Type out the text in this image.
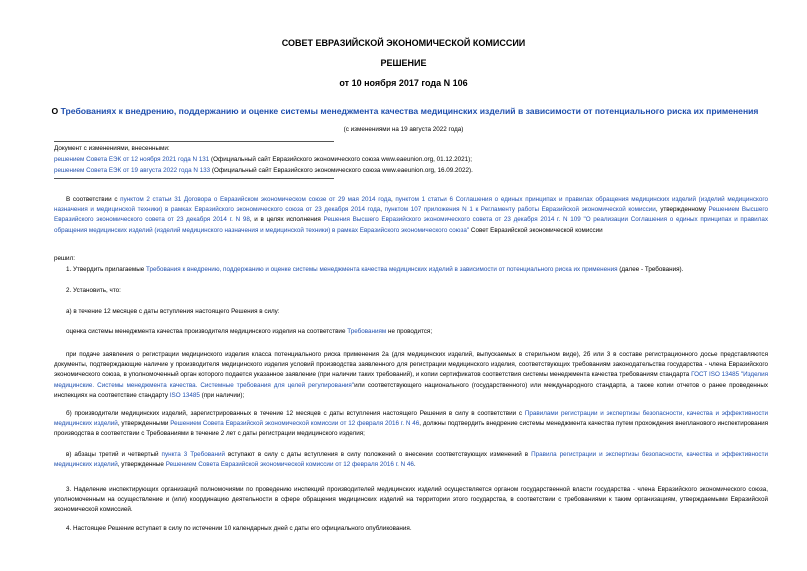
СОВЕТ ЕВРАЗИЙСКОЙ ЭКОНОМИЧЕСКОЙ КОМИССИИ
РЕШЕНИЕ
от 10 ноября 2017 года N 106
О Требованиях к внедрению, поддержанию и оценке системы менеджмента качества медицинских изделий в зависимости от потенциального риска их применения
(с изменениями на 19 августа 2022 года)
Документ с изменениями, внесенными:
решением Совета ЕЭК от 12 ноября 2021 года N 131 (Официальный сайт Евразийского экономического союза www.eaeunion.org, 01.12.2021);
решением Совета ЕЭК от 19 августа 2022 года N 133 (Официальный сайт Евразийского экономического союза www.eaeunion.org, 16.09.2022).
В соответствии с пунктом 2 статьи 31 Договора о Евразийском экономическом союзе от 29 мая 2014 года, пунктом 1 статьи 6 Соглашения о единых принципах и правилах обращения медицинских изделий (изделий медицинского назначения и медицинской техники) в рамках Евразийского экономического союза от 23 декабря 2014 года, пунктом 107 приложения N 1 к Регламенту работы Евразийской экономической комиссии, утвержденному Решением Высшего Евразийского экономического совета от 23 декабря 2014 г. N 98, и в целях исполнения Решения Высшего Евразийского экономического совета от 23 декабря 2014 г. N 109 "О реализации Соглашения о единых принципах и правилах обращения медицинских изделий (изделий медицинского назначения и медицинской техники) в рамках Евразийского экономического союза" Совет Евразийской экономической комиссии
решил:
1. Утвердить прилагаемые Требования к внедрению, поддержанию и оценке системы менеджмента качества медицинских изделий в зависимости от потенциального риска их применения (далее - Требования).
2. Установить, что:
а) в течение 12 месяцев с даты вступления настоящего Решения в силу:
оценка системы менеджмента качества производителя медицинского изделия на соответствие Требованиям не проводится;
при подаче заявления о регистрации медицинского изделия класса потенциального риска применения 2а (для медицинских изделий, выпускаемых в стерильном виде), 2б или 3 в составе регистрационного досье представляются документы, подтверждающие наличие у производителя медицинского изделия условий производства заявленного для регистрации медицинского изделия, соответствующих требованиям законодательства государства - члена Евразийского экономического союза, в уполномоченный орган которого подается указанное заявление (при наличии таких требований), и копии сертификатов соответствия системы менеджмента качества требованиям стандарта ГОСТ ISO 13485 "Изделия медицинские. Системы менеджмента качества. Системные требования для целей регулирования"или соответствующего национального (государственного) или международного стандарта, а также копии отчетов о ранее проведенных инспекциях на соответствие стандарту ISO 13485 (при наличии);
б) производители медицинских изделий, зарегистрированных в течение 12 месяцев с даты вступления настоящего Решения в силу в соответствии с Правилами регистрации и экспертизы безопасности, качества и эффективности медицинских изделий, утвержденными Решением Совета Евразийской экономической комиссии от 12 февраля 2016 г. N 46, должны подтвердить внедрение системы менеджмента качества путем прохождения внепланового инспектирования производства в соответствии с Требованиями в течение 2 лет с даты регистрации медицинского изделия;
в) абзацы третий и четвертый пункта 3 Требований вступают в силу с даты вступления в силу положений о внесении соответствующих изменений в Правила регистрации и экспертизы безопасности, качества и эффективности медицинских изделий, утвержденные Решением Совета Евразийской экономической комиссии от 12 февраля 2016 г. N 46.
3. Наделение инспектирующих организаций полномочиями по проведению инспекций производителей медицинских изделий осуществляется органом государственной власти государства - члена Евразийского экономического союза, уполномоченным на осуществление и (или) координацию деятельности в сфере обращения медицинских изделий на территории этого государства, в соответствии с требованиями к таким организациям, утверждаемыми Евразийской экономической комиссией.
4. Настоящее Решение вступает в силу по истечении 10 календарных дней с даты его официального опубликования.
